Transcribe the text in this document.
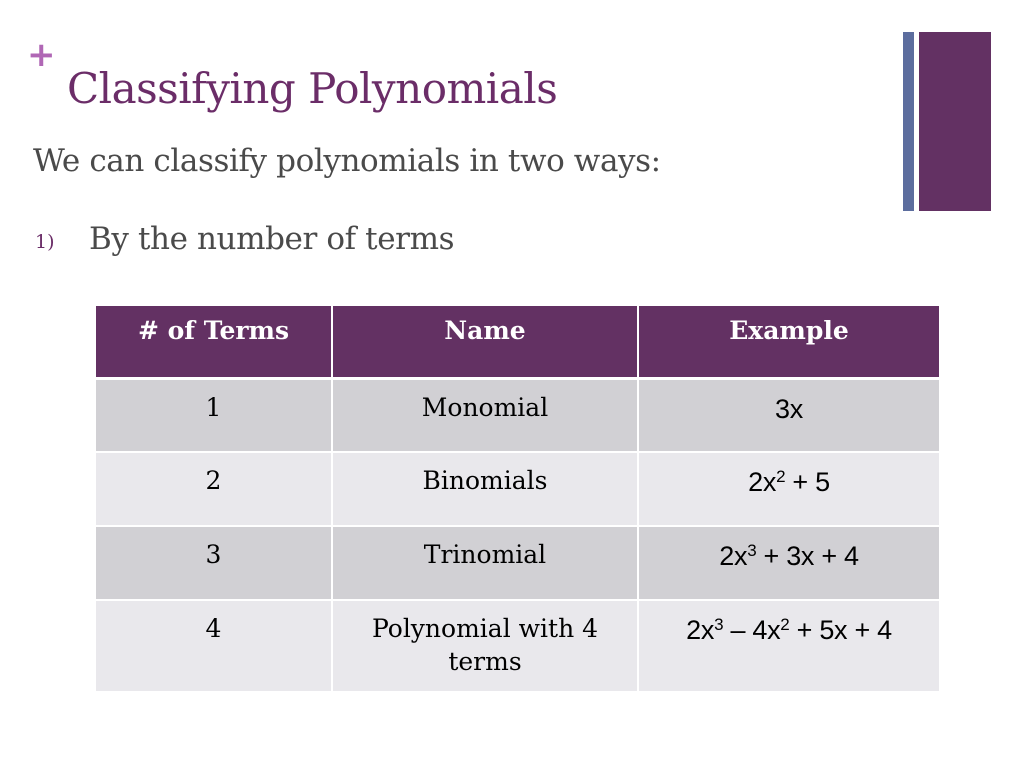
+
Classifying Polynomials
We can classify polynomials in two ways:
1) By the number of terms
# of Terms	Name	Example
1	Monomial	3x
2	Binomials	$2x^2 + 5$
3	Trinomial	$2x^3 + 3x + 4$
4	Polynomial with 4 terms	$2x^3 - 4x^2 + 5x + 4$
